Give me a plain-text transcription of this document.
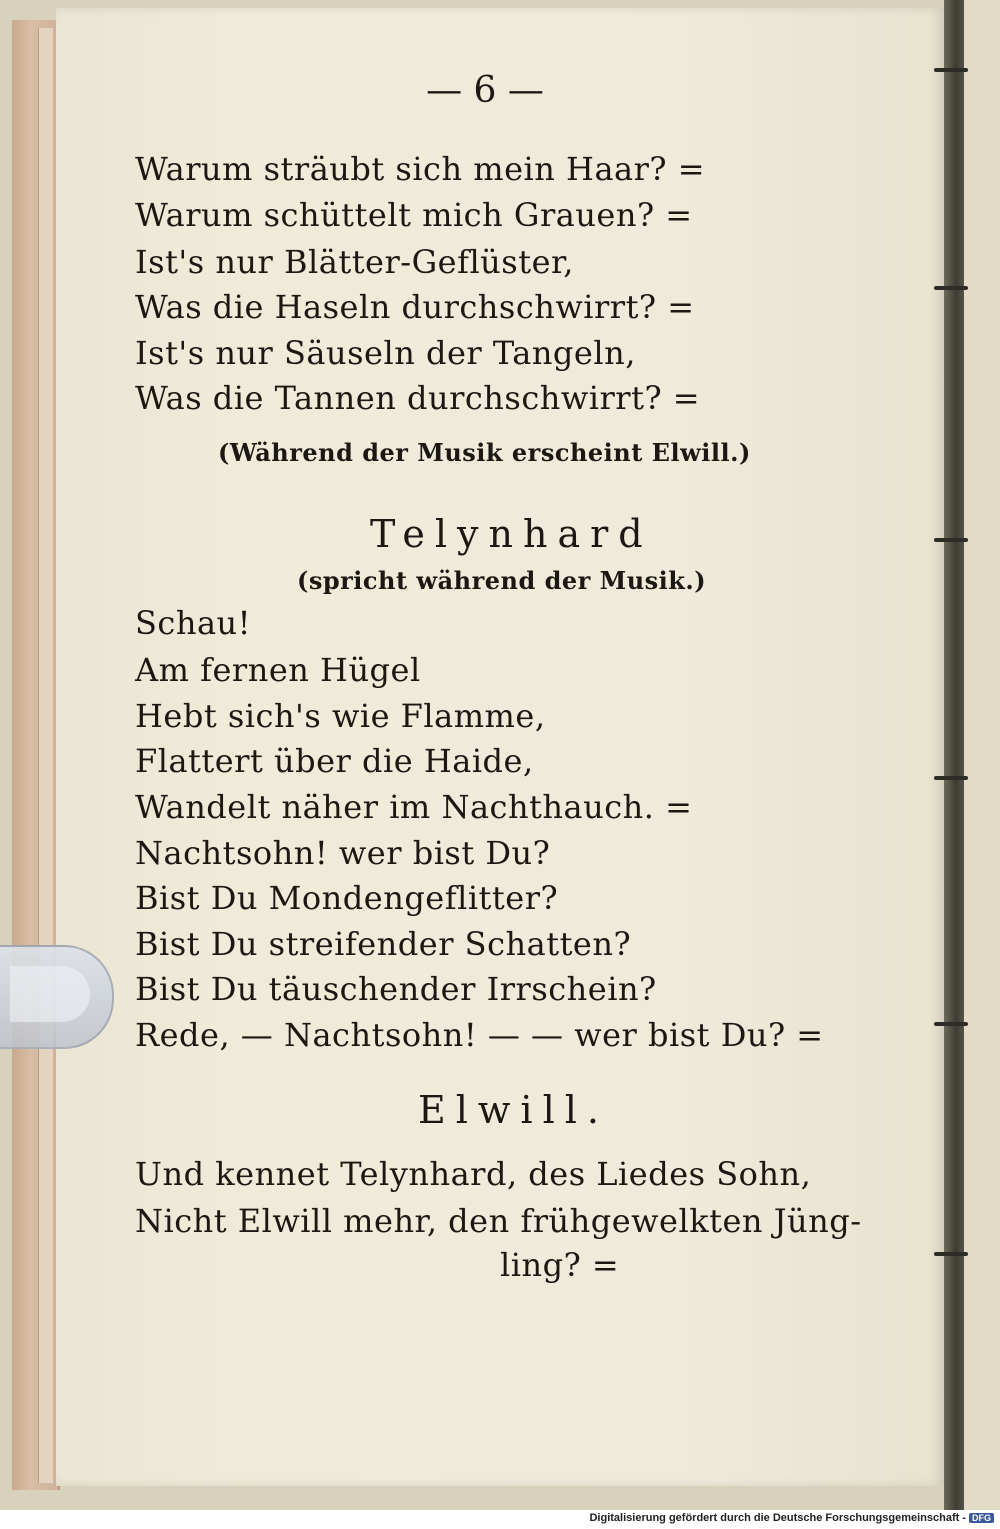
— 6 —
Warum sträubt sich mein Haar? =
Warum schüttelt mich Grauen? =
Ist's nur Blätter-Geflüster,
Was die Haseln durchschwirrt? =
Ist's nur Säuseln der Tangeln,
Was die Tannen durchschwirrt? =
(Während der Musik erscheint Elwill.)
Telynhard
(spricht während der Musik.)
Schau!
Am fernen Hügel
Hebt sich's wie Flamme,
Flattert über die Haide,
Wandelt näher im Nachthauch. =
Nachtsohn! wer bist Du?
Bist Du Mondengeflitter?
Bist Du streifender Schatten?
Bist Du täuschender Irrschein?
Rede, — Nachtsohn! — — wer bist Du? =
Elwill.
Und kennet Telynhard, des Liedes Sohn,
Nicht Elwill mehr, den frühgewelkten Jüng-
ling? =
Digitalisierung gefördert durch die Deutsche Forschungsgemeinschaft - DFG
